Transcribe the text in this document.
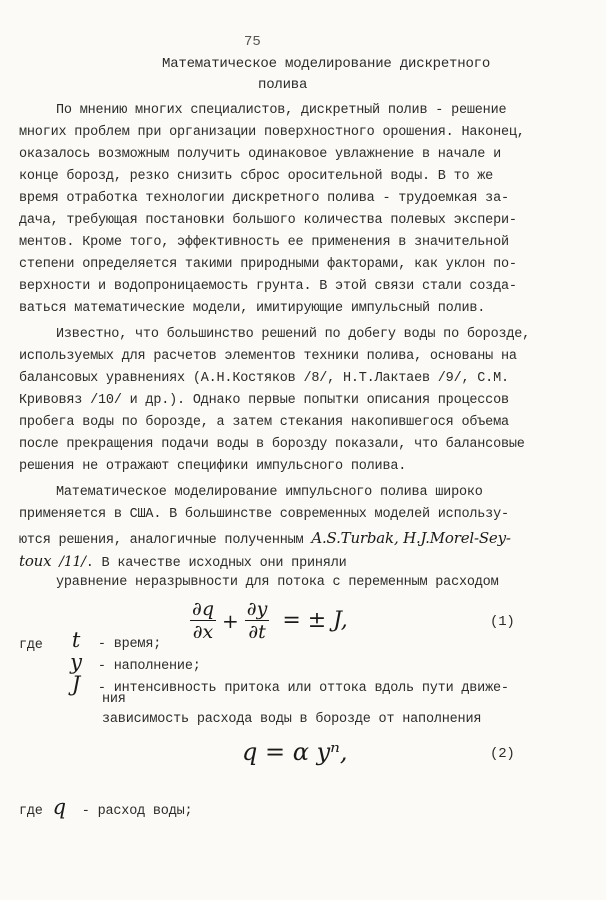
75
Математическое моделирование дискретного
полива
По мнению многих специалистов, дискретный полив - решение
многих проблем при организации поверхностного орошения. Наконец,
оказалось возможным получить одинаковое увлажнение в начале и
конце борозд, резко снизить сброс оросительной воды. В то же
время отработка технологии дискретного полива - трудоемкая за-
дача, требующая постановки большого количества полевых экспери-
ментов. Кроме того, эффективность ее применения в значительной
степени определяется такими природными факторами, как уклон по-
верхности и водопроницаемость грунта. В этой связи стали созда-
ваться математические модели, имитирующие импульсный полив.
Известно, что большинство решений по добегу воды по борозде,
используемых для расчетов элементов техники полива, основаны на
балансовых уравнениях (А.Н.Костяков /8/, Н.Т.Лактаев /9/, С.М.
Кривовяз /10/ и др.). Однако первые попытки описания процессов
пробега воды по борозде, а затем стекания накопившегося объема
после прекращения подачи воды в борозду показали, что балансовые
решения не отражают специфики импульсного полива.
Математическое моделирование импульсного полива широко
применяется в США. В большинстве современных моделей использу-
ются решения, аналогичные полученным A.S.Turbak, H.J.Morel-Sey-
toux /11/. В качестве исходных они приняли
уравнение неразрывности для потока с переменным расходом
$\frac{\partial q}{\partial x} + \frac{\partial y}{\partial t}$ = ± J,	(1)
где	t - время;
y - наполнение;
J - интенсивность притока или оттока вдоль пути движе-
ния
зависимость расхода воды в борозде от наполнения
q = α yⁿ,	(2)
где q - расход воды;
